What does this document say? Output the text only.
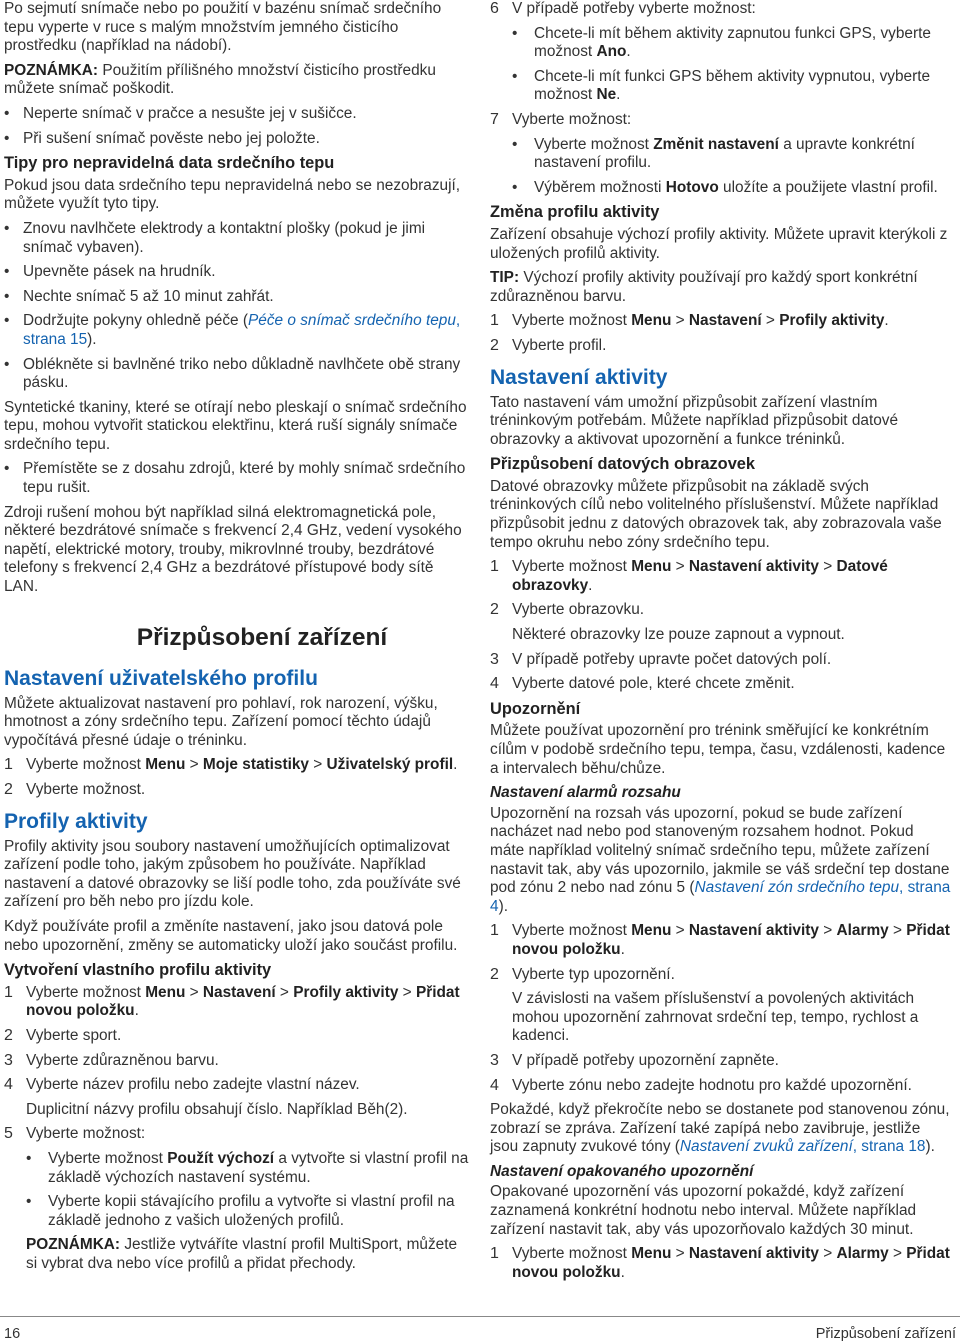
Po sejmutí snímače nebo po použití v bazénu snímač srdečního tepu vyperte v ruce s malým množstvím jemného čisticího prostředku (například na nádobí).

POZNÁMKA: Použitím přílišného množství čisticího prostředku můžete snímač poškodit.

• Neperte snímač v pračce a nesušte jej v sušičce.

• Při sušení snímač pověste nebo jej položte.

Tipy pro nepravidelná data srdečního tepu

Pokud jsou data srdečního tepu nepravidelná nebo se nezobrazují, můžete využít tyto tipy.

• Znovu navlhčete elektrody a kontaktní plošky (pokud je jimi snímač vybaven).

• Upevněte pásek na hrudník.

• Nechte snímač 5 až 10 minut zahřát.

• Dodržujte pokyny ohledně péče (Péče o snímač srdečního tepu, strana 15).

• Oblékněte si bavlněné triko nebo důkladně navlhčete obě strany pásku.

Syntetické tkaniny, které se otírají nebo pleskají o snímač srdečního tepu, mohou vytvořit statickou elektřinu, která ruší signály snímače srdečního tepu.

• Přemístěte se z dosahu zdrojů, které by mohly snímač srdečního tepu rušit.

Zdroji rušení mohou být například silná elektromagnetická pole, některé bezdrátové snímače s frekvencí 2,4 GHz, vedení vysokého napětí, elektrické motory, trouby, mikrovlnné trouby, bezdrátové telefony s frekvencí 2,4 GHz a bezdrátové přístupové body sítě LAN.

Přizpůsobení zařízení
Nastavení uživatelského profilu

Můžete aktualizovat nastavení pro pohlaví, rok narození, výšku, hmotnost a zóny srdečního tepu. Zařízení pomocí těchto údajů vypočítává přesné údaje o tréninku.

1 Vyberte možnost Menu > Moje statistiky > Uživatelský profil.
2 Vyberte možnost.
Profily aktivity

Profily aktivity jsou soubory nastavení umožňujících optimalizovat zařízení podle toho, jakým způsobem ho používáte. Například nastavení a datové obrazovky se liší podle toho, zda používáte své zařízení pro běh nebo pro jízdu kole.

Když používáte profil a změníte nastavení, jako jsou datová pole nebo upozornění, změny se automaticky uloží jako součást profilu.

Vytvoření vlastního profilu aktivity
1 Vyberte možnost Menu > Nastavení > Profily aktivity > Přidat novou položku.
2 Vyberte sport.
3 Vyberte zdůrazněnou barvu.
4 Vyberte název profilu nebo zadejte vlastní název.

Duplicitní názvy profilu obsahují číslo. Například Běh(2).

5 Vyberte možnost:

• Vyberte možnost Použít výchozí a vytvořte si vlastní profil na základě výchozích nastavení systému.

• Vyberte kopii stávajícího profilu a vytvořte si vlastní profil na základě jednoho z vašich uložených profilů.

POZNÁMKA: Jestliže vytváříte vlastní profil MultiSport, můžete si vybrat dva nebo více profilů a přidat přechody.

6 V případě potřeby vyberte možnost:

• Chcete-li mít během aktivity zapnutou funkci GPS, vyberte možnost Ano.

• Chcete-li mít funkci GPS během aktivity vypnutou, vyberte možnost Ne.

7 Vyberte možnost:

• Vyberte možnost Změnit nastavení a upravte konkrétní nastavení profilu.

• Výběrem možnosti Hotovo uložíte a použijete vlastní profil.

Změna profilu aktivity

Zařízení obsahuje výchozí profily aktivity. Můžete upravit kterýkoli z uložených profilů aktivity.

TIP: Výchozí profily aktivity používají pro každý sport konkrétní zdůrazněnou barvu.

1 Vyberte možnost Menu > Nastavení > Profily aktivity.
2 Vyberte profil.
Nastavení aktivity

Tato nastavení vám umožní přizpůsobit zařízení vlastním tréninkovým potřebám. Můžete například přizpůsobit datové obrazovky a aktivovat upozornění a funkce tréninků.

Přizpůsobení datových obrazovek

Datové obrazovky můžete přizpůsobit na základě svých tréninkových cílů nebo volitelného příslušenství. Můžete například přizpůsobit jednu z datových obrazovek tak, aby zobrazovala vaše tempo okruhu nebo zóny srdečního tepu.

1 Vyberte možnost Menu > Nastavení aktivity > Datové obrazovky.
2 Vyberte obrazovku.

Některé obrazovky lze pouze zapnout a vypnout.

3 V případě potřeby upravte počet datových polí.
4 Vyberte datové pole, které chcete změnit.
Upozornění

Můžete používat upozornění pro trénink směřující ke konkrétním cílům v podobě srdečního tepu, tempa, času, vzdálenosti, kadence a intervalech běhu/chůze.

Nastavení alarmů rozsahu

Upozornění na rozsah vás upozorní, pokud se bude zařízení nacházet nad nebo pod stanoveným rozsahem hodnot. Pokud máte například volitelný snímač srdečního tepu, můžete zařízení nastavit tak, aby vás upozornilo, jakmile se váš srdeční tep dostane pod zónu 2 nebo nad zónu 5 (Nastavení zón srdečního tepu, strana 4).

1 Vyberte možnost Menu > Nastavení aktivity > Alarmy > Přidat novou položku.
2 Vyberte typ upozornění.

V závislosti na vašem příslušenství a povolených aktivitách mohou upozornění zahrnovat srdeční tep, tempo, rychlost a kadenci.

3 V případě potřeby upozornění zapněte.
4 Vyberte zónu nebo zadejte hodnotu pro každé upozornění.

Pokaždé, když překročíte nebo se dostanete pod stanovenou zónu, zobrazí se zpráva. Zařízení také zapípá nebo zavibruje, jestliže jsou zapnuty zvukové tóny (Nastavení zvuků zařízení, strana 18).

Nastavení opakovaného upozornění

Opakované upozornění vás upozorní pokaždé, když zařízení zaznamená konkrétní hodnotu nebo interval. Můžete například zařízení nastavit tak, aby vás upozorňovalo každých 30 minut.

1 Vyberte možnost Menu > Nastavení aktivity > Alarmy > Přidat novou položku.
16	Přizpůsobení zařízení
